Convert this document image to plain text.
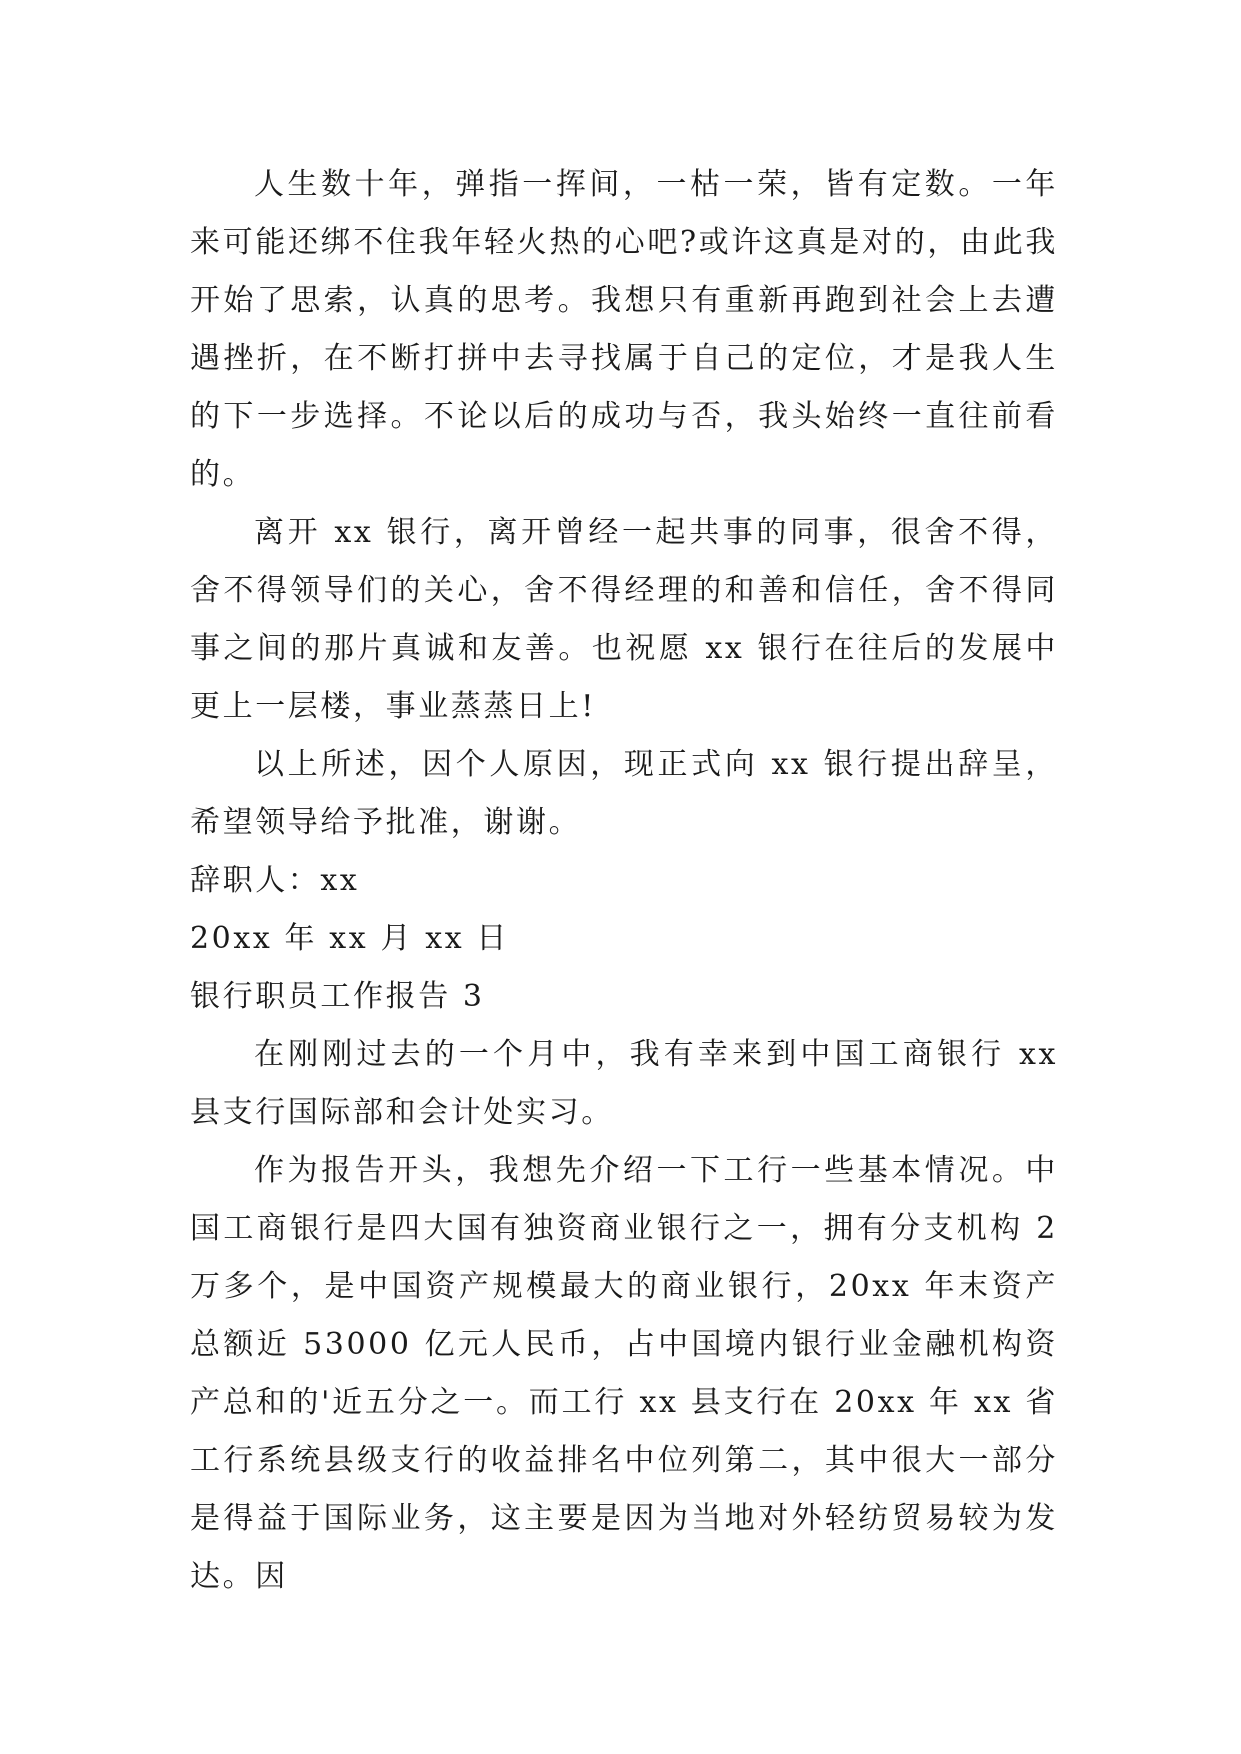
人生数十年，弹指一挥间，一枯一荣，皆有定数。一年来可能还绑不住我年轻火热的心吧?或许这真是对的，由此我开始了思索，认真的思考。我想只有重新再跑到社会上去遭遇挫折，在不断打拼中去寻找属于自己的定位，才是我人生的下一步选择。不论以后的成功与否，我头始终一直往前看的。

离开 xx 银行，离开曾经一起共事的同事，很舍不得，舍不得领导们的关心，舍不得经理的和善和信任，舍不得同事之间的那片真诚和友善。也祝愿 xx 银行在往后的发展中更上一层楼，事业蒸蒸日上!

以上所述，因个人原因，现正式向 xx 银行提出辞呈，希望领导给予批准，谢谢。

辞职人：xx

20xx 年 xx 月 xx 日

银行职员工作报告 3

在刚刚过去的一个月中，我有幸来到中国工商银行 xx 县支行国际部和会计处实习。

作为报告开头，我想先介绍一下工行一些基本情况。中国工商银行是四大国有独资商业银行之一，拥有分支机构 2 万多个，是中国资产规模最大的商业银行，20xx 年末资产总额近 53000 亿元人民币，占中国境内银行业金融机构资产总和的'近五分之一。而工行 xx 县支行在 20xx 年 xx 省工行系统县级支行的收益排名中位列第二，其中很大一部分是得益于国际业务，这主要是因为当地对外轻纺贸易较为发达。因
